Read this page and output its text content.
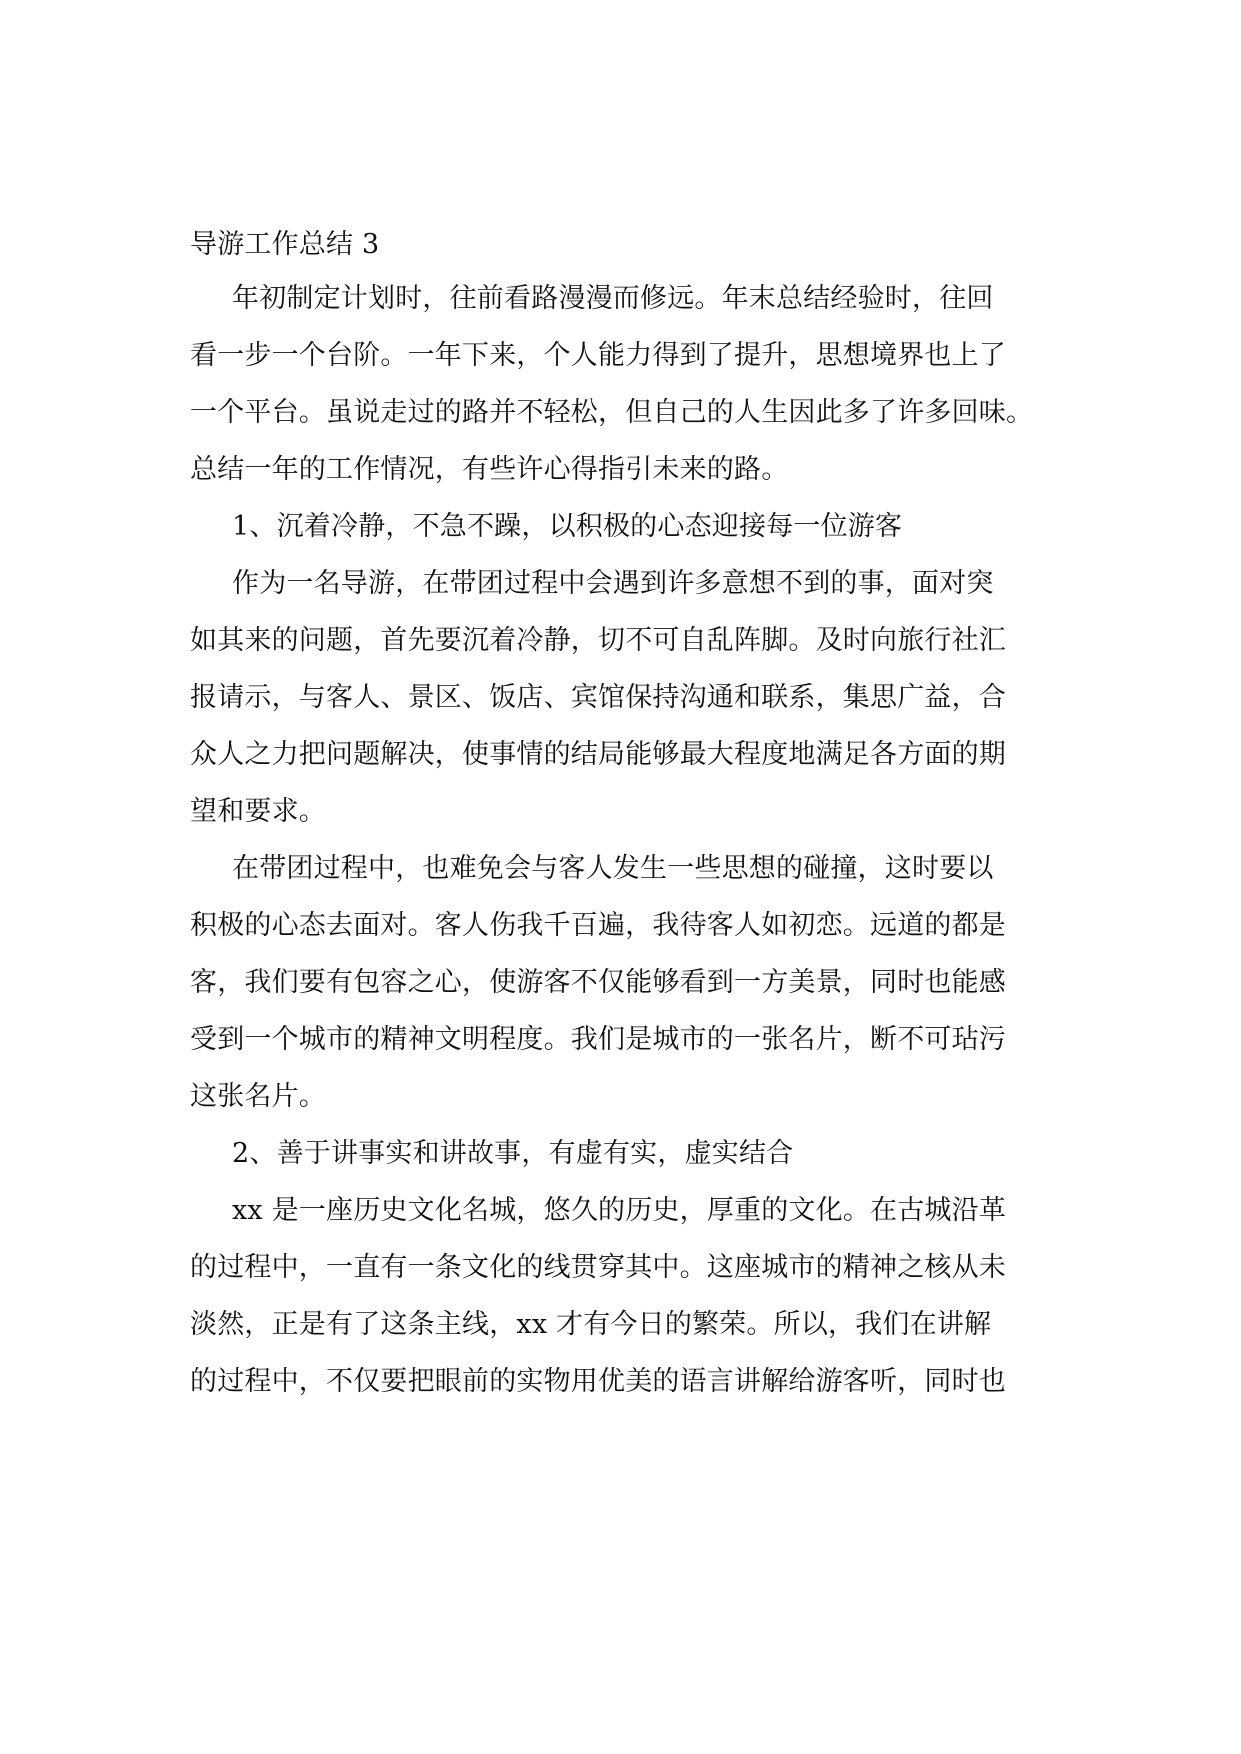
导游工作总结 3
年初制定计划时，往前看路漫漫而修远。年末总结经验时，往回
看一步一个台阶。一年下来，个人能力得到了提升，思想境界也上了
一个平台。虽说走过的路并不轻松，但自己的人生因此多了许多回味。
总结一年的工作情况，有些许心得指引未来的路。
1、沉着冷静，不急不躁，以积极的心态迎接每一位游客
作为一名导游，在带团过程中会遇到许多意想不到的事，面对突
如其来的问题，首先要沉着冷静，切不可自乱阵脚。及时向旅行社汇
报请示，与客人、景区、饭店、宾馆保持沟通和联系，集思广益，合
众人之力把问题解决，使事情的结局能够最大程度地满足各方面的期
望和要求。
在带团过程中，也难免会与客人发生一些思想的碰撞，这时要以
积极的心态去面对。客人伤我千百遍，我待客人如初恋。远道的都是
客，我们要有包容之心，使游客不仅能够看到一方美景，同时也能感
受到一个城市的精神文明程度。我们是城市的一张名片，断不可玷污
这张名片。
2、善于讲事实和讲故事，有虚有实，虚实结合
xx 是一座历史文化名城，悠久的历史，厚重的文化。在古城沿革
的过程中，一直有一条文化的线贯穿其中。这座城市的精神之核从未
淡然，正是有了这条主线，xx 才有今日的繁荣。所以，我们在讲解
的过程中，不仅要把眼前的实物用优美的语言讲解给游客听，同时也
